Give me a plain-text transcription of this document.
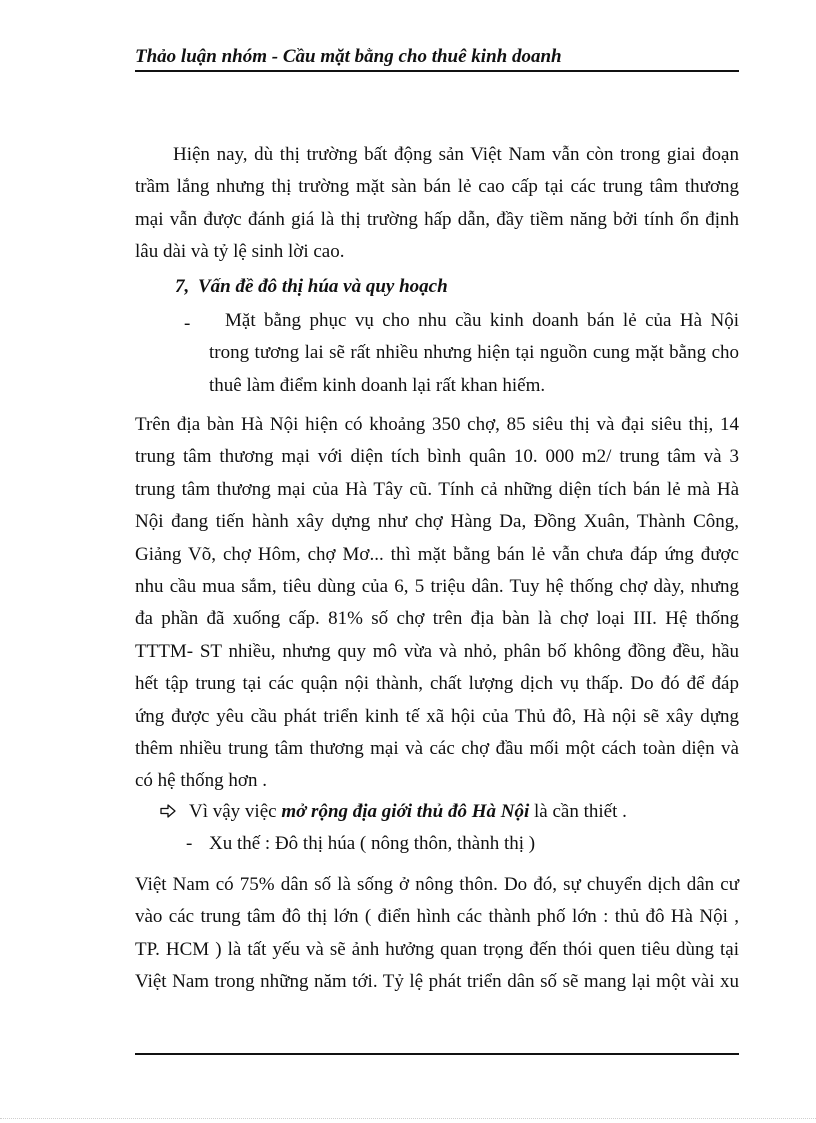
Thảo luận nhóm - Cầu mặt bằng cho thuê kinh doanh
Hiện nay, dù thị trường bất động sản Việt Nam vẫn còn trong giai đoạn
trầm lắng nhưng thị trường mặt sàn bán lẻ cao cấp tại các trung tâm thương
mại vẫn được đánh giá là thị trường hấp dẫn, đầy tiềm năng bởi tính ổn định
lâu dài và tỷ lệ sinh lời cao.
7, Vấn đề đô thị húa và quy hoạch
-	Mặt bằng phục vụ cho nhu cầu kinh doanh bán lẻ của Hà Nội
trong tương lai sẽ rất nhiều nhưng hiện tại nguồn cung mặt bằng cho
thuê làm điểm kinh doanh lại rất khan hiếm.
Trên địa bàn Hà Nội hiện có khoảng 350 chợ, 85 siêu thị và đại siêu thị, 14
trung tâm thương mại với diện tích bình quân 10. 000 m2/ trung tâm và 3
trung tâm thương mại của Hà Tây cũ. Tính cả những diện tích bán lẻ mà Hà
Nội đang tiến hành xây dựng như chợ Hàng Da, Đồng Xuân, Thành Công,
Giảng Võ, chợ Hôm, chợ Mơ... thì mặt bằng bán lẻ vẫn chưa đáp ứng được
nhu cầu mua sắm, tiêu dùng của 6, 5 triệu dân. Tuy hệ thống chợ dày, nhưng
đa phần đã xuống cấp. 81% số chợ trên địa bàn là chợ loại III. Hệ thống
TTTM- ST nhiều, nhưng quy mô vừa và nhỏ, phân bố không đồng đều, hầu
hết tập trung tại các quận nội thành, chất lượng dịch vụ thấp. Do đó để đáp
ứng được yêu cầu phát triển kinh tế xã hội của Thủ đô, Hà nội sẽ xây dựng
thêm nhiều trung tâm thương mại và các chợ đầu mối một cách toàn diện và
có hệ thống hơn .
Vì vậy việc mở rộng địa giới thủ đô Hà Nội là cần thiết .
- Xu thế : Đô thị húa ( nông thôn, thành thị )
Việt Nam có 75% dân số là sống ở nông thôn. Do đó, sự chuyển dịch dân cư
vào các trung tâm đô thị lớn ( điển hình các thành phố lớn : thủ đô Hà Nội ,
TP. HCM ) là tất yếu và sẽ ảnh hưởng quan trọng đến thói quen tiêu dùng tại
Việt Nam trong những năm tới. Tỷ lệ phát triển dân số sẽ mang lại một vài xu
